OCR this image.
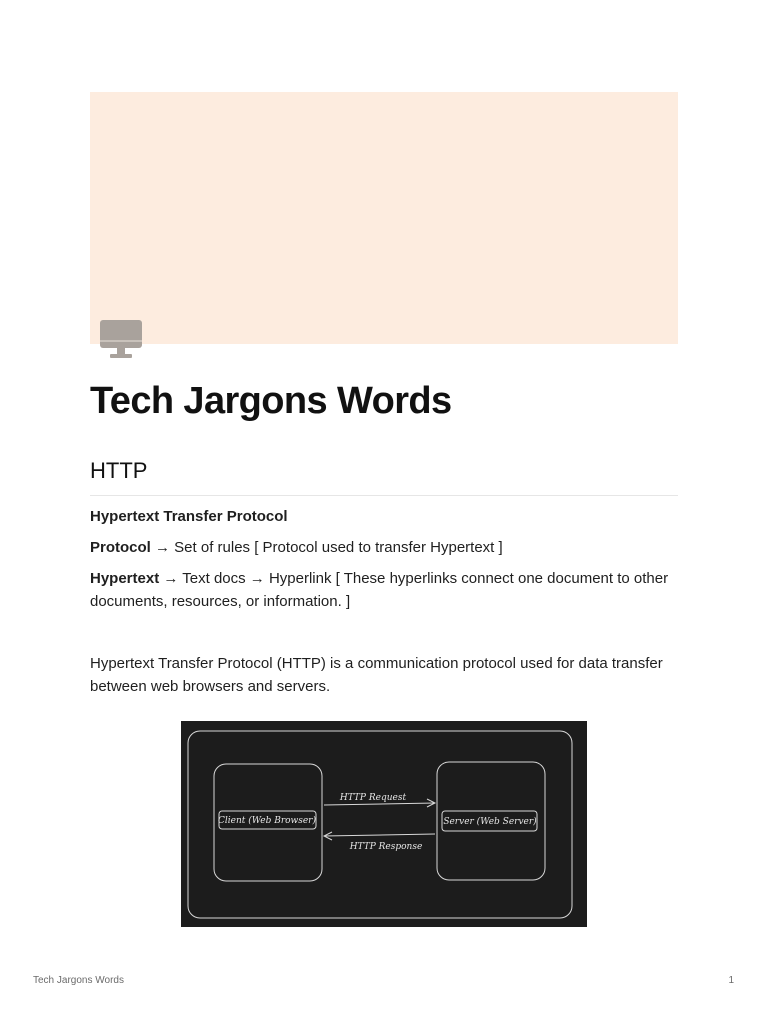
Tech Jargons Words
HTTP

Hypertext Transfer Protocol

Protocol → Set of rules [ Protocol used to transfer Hypertext ]

Hypertext → Text docs → Hyperlink [ These hyperlinks connect one document to other documents, resources, or information. ]

Hypertext Transfer Protocol (HTTP) is a communication protocol used for data transfer between web browsers and servers.

Client (Web Browser)	Server (Web Server)
HTTP Request
HTTP Response
Tech Jargons Words	1
